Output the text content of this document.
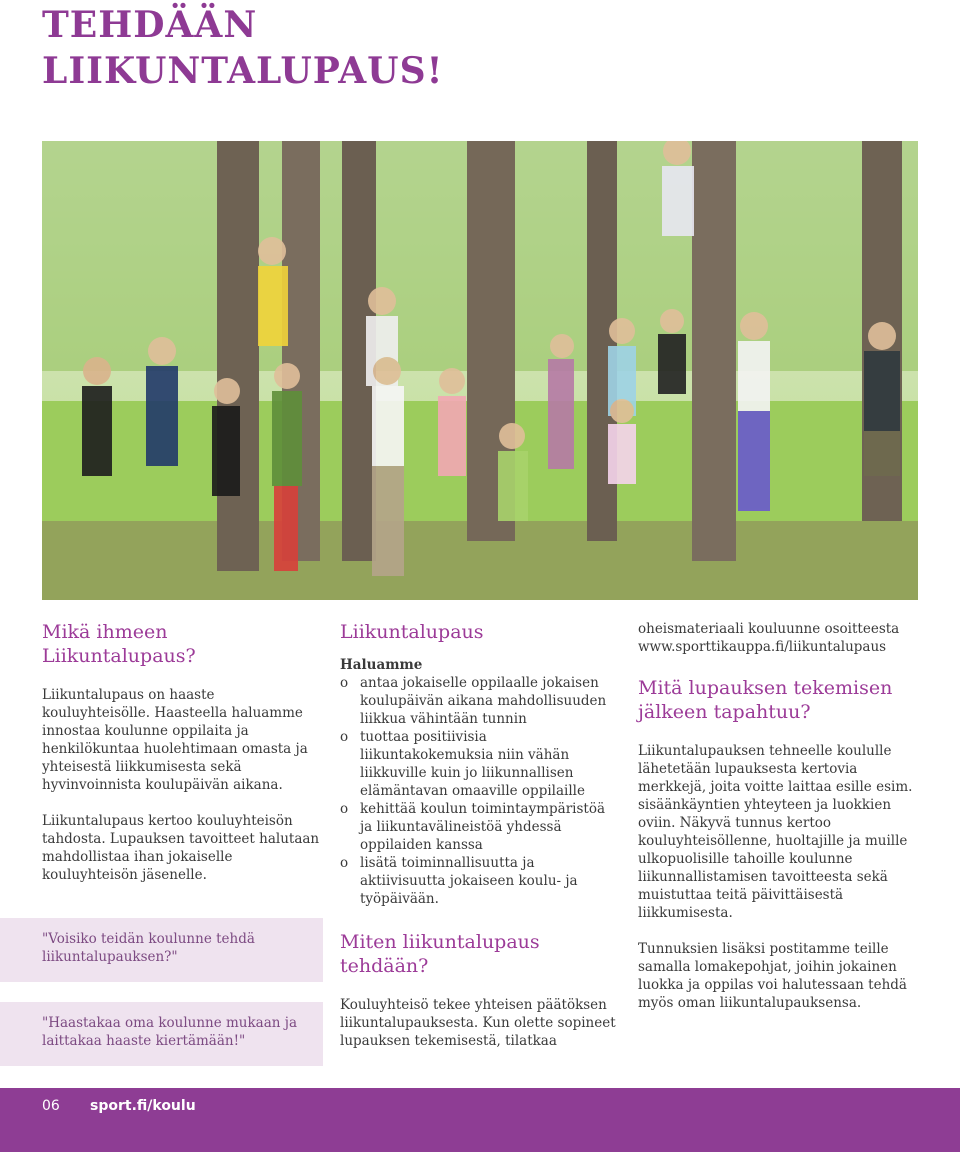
TEHDÄÄN
LIIKUNTALUPAUS!
Mikä ihmeen
Liikuntalupaus?

Liikuntalupaus on haaste kouluyhteisölle. Haasteella haluamme innostaa koulunne oppilaita ja henkilökuntaa huolehtimaan omasta ja yhteisestä liikkumisesta sekä hyvinvoinnista koulupäivän aikana.

Liikuntalupaus kertoo kouluyhteisön tahdosta. Lupauksen tavoitteet halutaan mahdollistaa ihan jokaiselle kouluyhteisön jäsenelle.

"Voisiko teidän koulunne tehdä liikuntalupauksen?"
"Haastakaa oma koulunne mukaan ja laittakaa haaste kiertämään!"
Liikuntalupaus

Haluamme

o antaa jokaiselle oppilaalle jokaisen koulupäivän aikana mahdollisuuden liikkua vähintään tunnin
o tuottaa positiivisia liikuntakokemuksia niin vähän liikkuville kuin jo liikunnallisen elämäntavan omaaville oppilaille
o kehittää koulun toimintaympäristöä ja liikuntavälineistöä yhdessä oppilaiden kanssa
o lisätä toiminnallisuutta ja aktiivisuutta jokaiseen koulu- ja työpäivään.
Miten liikuntalupaus
tehdään?

Kouluyhteisö tekee yhteisen päätöksen liikuntalupauksesta. Kun olette sopineet lupauksen tekemisestä, tilatkaa

oheismateriaali kouluunne osoitteesta www.sporttikauppa.fi/liikuntalupaus

Mitä lupauksen tekemisen
jälkeen tapahtuu?

Liikuntalupauksen tehneelle koululle lähetetään lupauksesta kertovia merkkejä, joita voitte laittaa esille esim. sisäänkäyntien yhteyteen ja luokkien oviin. Näkyvä tunnus kertoo kouluyhteisöllenne, huoltajille ja muille ulkopuolisille tahoille koulunne liikunnallistamisen tavoitteesta sekä muistuttaa teitä päivittäisestä liikkumisesta.

Tunnuksien lisäksi postitamme teille samalla lomakepohjat, joihin jokainen luokka ja oppilas voi halutessaan tehdä myös oman liikuntalupauksensa.

06 sport.fi/koulu
